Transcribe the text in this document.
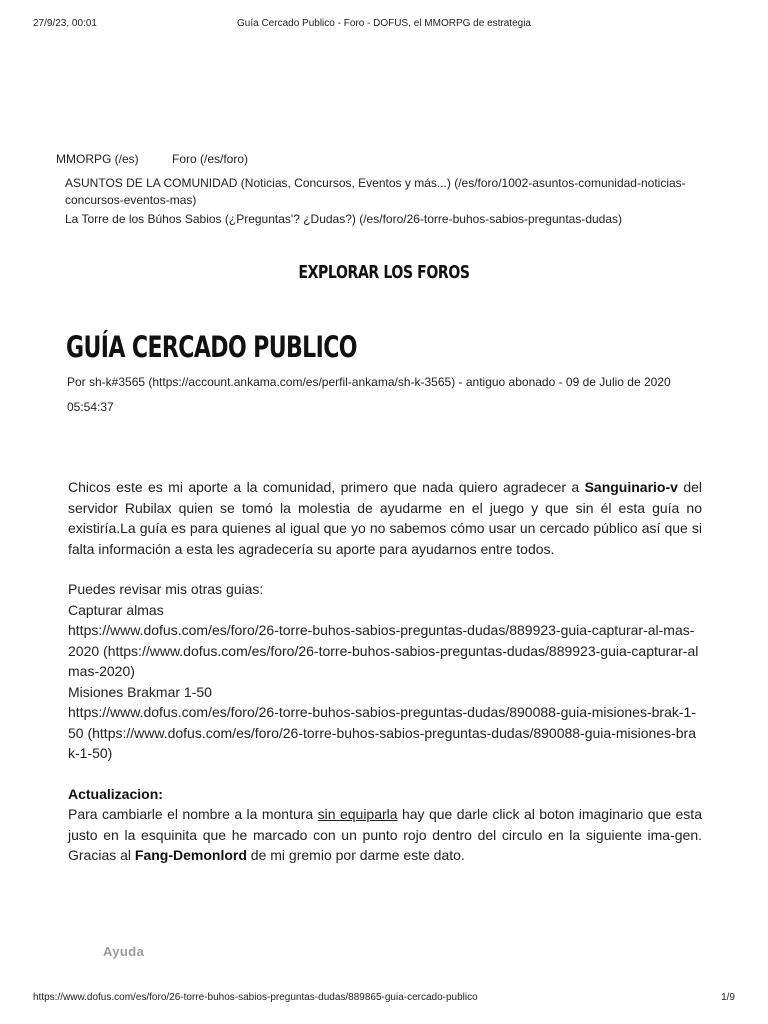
27/9/23, 00:01	Guía Cercado Publico - Foro - DOFUS, el MMORPG de estrategia
MMORPG (/es)	Foro (/es/foro)
ASUNTOS DE LA COMUNIDAD (Noticias, Concursos, Eventos y más...) (/es/foro/1002-asuntos-comunidad-noticias-concursos-eventos-mas)
La Torre de los Búhos Sabios (¿Preguntas'? ¿Dudas?) (/es/foro/26-torre-buhos-sabios-preguntas-dudas)
EXPLORAR LOS FOROS
GUÍA CERCADO PUBLICO
Por sh-k#3565 (https://account.ankama.com/es/perfil-ankama/sh-k-3565) - antiguo abonado - 09 de Julio de 2020 05:54:37

Chicos este es mi aporte a la comunidad, primero que nada quiero agradecer a Sanguinario-v del servidor Rubilax quien se tomó la molestia de ayudarme en el juego y que sin él esta guía no existiría.La guía es para quienes al igual que yo no sabemos cómo usar un cercado público así que si falta información a esta les agradecería su aporte para ayudarnos entre todos.

Puedes revisar mis otras guias:

Capturar almas

https://www.dofus.com/es/foro/26-torre-buhos-sabios-preguntas-dudas/889923-guia-capturar-al-mas-2020 (https://www.dofus.com/es/foro/26-torre-buhos-sabios-preguntas-dudas/889923-guia-capturar-almas-2020)

Misiones Brakmar 1-50

https://www.dofus.com/es/foro/26-torre-buhos-sabios-preguntas-dudas/890088-guia-misiones-brak-1-50 (https://www.dofus.com/es/foro/26-torre-buhos-sabios-preguntas-dudas/890088-guia-misiones-brak-1-50)

Actualizacion:

Para cambiarle el nombre a la montura sin equiparla hay que darle click al boton imaginario que esta justo en la esquinita que he marcado con un punto rojo dentro del circulo en la siguiente ima-gen. Gracias al Fang-Demonlord de mi gremio por darme este dato.

Ayuda
https://www.dofus.com/es/foro/26-torre-buhos-sabios-preguntas-dudas/889865-guia-cercado-publico	1/9
